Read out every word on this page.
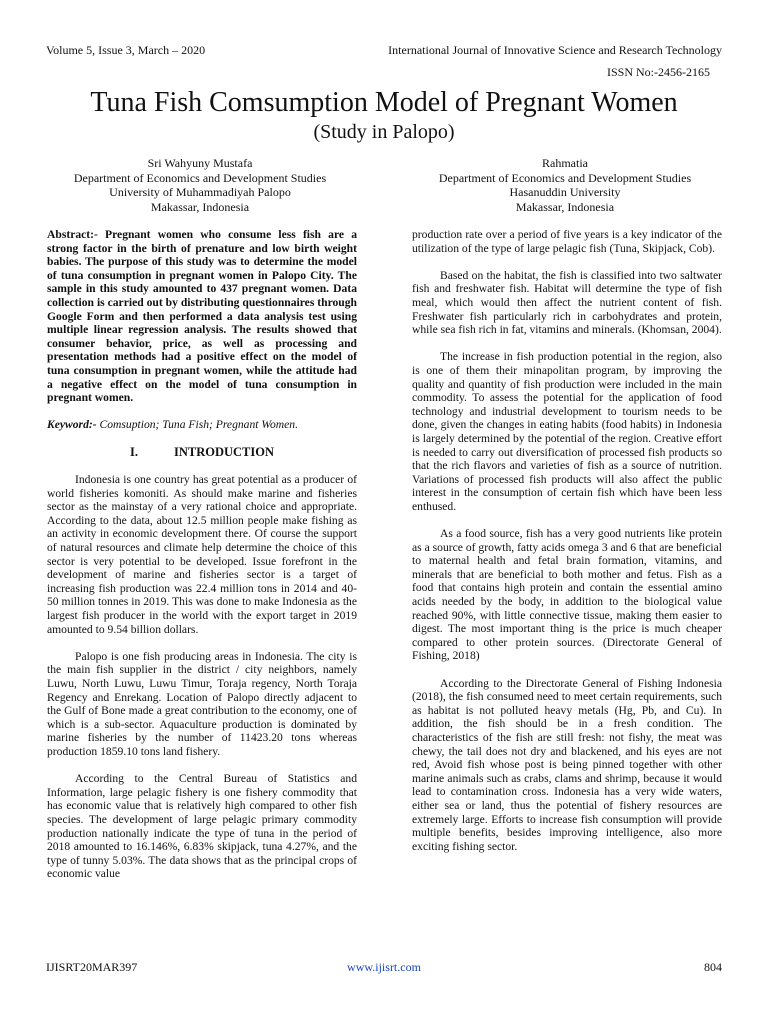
Volume 5, Issue 3, March – 2020	International Journal of Innovative Science and Research Technology
ISSN No:-2456-2165
Tuna Fish Comsumption Model of Pregnant Women
(Study in Palopo)
Sri Wahyuny Mustafa
Department of Economics and Development Studies
University of Muhammadiyah Palopo
Makassar, Indonesia
Rahmatia
Department of Economics and Development Studies
Hasanuddin University
Makassar, Indonesia

Abstract:- Pregnant women who consume less fish are a strong factor in the birth of prenature and low birth weight babies. The purpose of this study was to determine the model of tuna consumption in pregnant women in Palopo City. The sample in this study amounted to 437 pregnant women. Data collection is carried out by distributing questionnaires through Google Form and then performed a data analysis test using multiple linear regression analysis. The results showed that consumer behavior, price, as well as processing and presentation methods had a positive effect on the model of tuna consumption in pregnant women, while the attitude had a negative effect on the model of tuna consumption in pregnant women.

Keyword:- Comsuption; Tuna Fish; Pregnant Women.

I.	INTRODUCTION

Indonesia is one country has great potential as a producer of world fisheries komoniti. As should make marine and fisheries sector as the mainstay of a very rational choice and appropriate. According to the data, about 12.5 million people make fishing as an activity in economic development there. Of course the support of natural resources and climate help determine the choice of this sector is very potential to be developed. Issue forefront in the development of marine and fisheries sector is a target of increasing fish production was 22.4 million tons in 2014 and 40-50 million tonnes in 2019. This was done to make Indonesia as the largest fish producer in the world with the export target in 2019 amounted to 9.54 billion dollars.

Palopo is one fish producing areas in Indonesia. The city is the main fish supplier in the district / city neighbors, namely Luwu, North Luwu, Luwu Timur, Toraja regency, North Toraja Regency and Enrekang. Location of Palopo directly adjacent to the Gulf of Bone made a great contribution to the economy, one of which is a sub-sector. Aquaculture production is dominated by marine fisheries by the number of 11423.20 tons whereas production 1859.10 tons land fishery.

According to the Central Bureau of Statistics and Information, large pelagic fishery is one fishery commodity that has economic value that is relatively high compared to other fish species. The development of large pelagic primary commodity production nationally indicate the type of tuna in the period of 2018 amounted to 16.146%, 6.83% skipjack, tuna 4.27%, and the type of tunny 5.03%. The data shows that as the principal crops of economic value

production rate over a period of five years is a key indicator of the utilization of the type of large pelagic fish (Tuna, Skipjack, Cob).

Based on the habitat, the fish is classified into two saltwater fish and freshwater fish. Habitat will determine the type of fish meal, which would then affect the nutrient content of fish. Freshwater fish particularly rich in carbohydrates and protein, while sea fish rich in fat, vitamins and minerals. (Khomsan, 2004).

The increase in fish production potential in the region, also is one of them their minapolitan program, by improving the quality and quantity of fish production were included in the main commodity. To assess the potential for the application of food technology and industrial development to tourism needs to be done, given the changes in eating habits (food habits) in Indonesia is largely determined by the potential of the region. Creative effort is needed to carry out diversification of processed fish products so that the rich flavors and varieties of fish as a source of nutrition. Variations of processed fish products will also affect the public interest in the consumption of certain fish which have been less enthused.

As a food source, fish has a very good nutrients like protein as a source of growth, fatty acids omega 3 and 6 that are beneficial to maternal health and fetal brain formation, vitamins, and minerals that are beneficial to both mother and fetus. Fish as a food that contains high protein and contain the essential amino acids needed by the body, in addition to the biological value reached 90%, with little connective tissue, making them easier to digest. The most important thing is the price is much cheaper compared to other protein sources. (Directorate General of Fishing, 2018)

According to the Directorate General of Fishing Indonesia (2018), the fish consumed need to meet certain requirements, such as habitat is not polluted heavy metals (Hg, Pb, and Cu). In addition, the fish should be in a fresh condition. The characteristics of the fish are still fresh: not fishy, the meat was chewy, the tail does not dry and blackened, and his eyes are not red, Avoid fish whose post is being pinned together with other marine animals such as crabs, clams and shrimp, because it would lead to contamination cross. Indonesia has a very wide waters, either sea or land, thus the potential of fishery resources are extremely large. Efforts to increase fish consumption will provide multiple benefits, besides improving intelligence, also more exciting fishing sector.

IJISRT20MAR397	www.ijisrt.com	804
